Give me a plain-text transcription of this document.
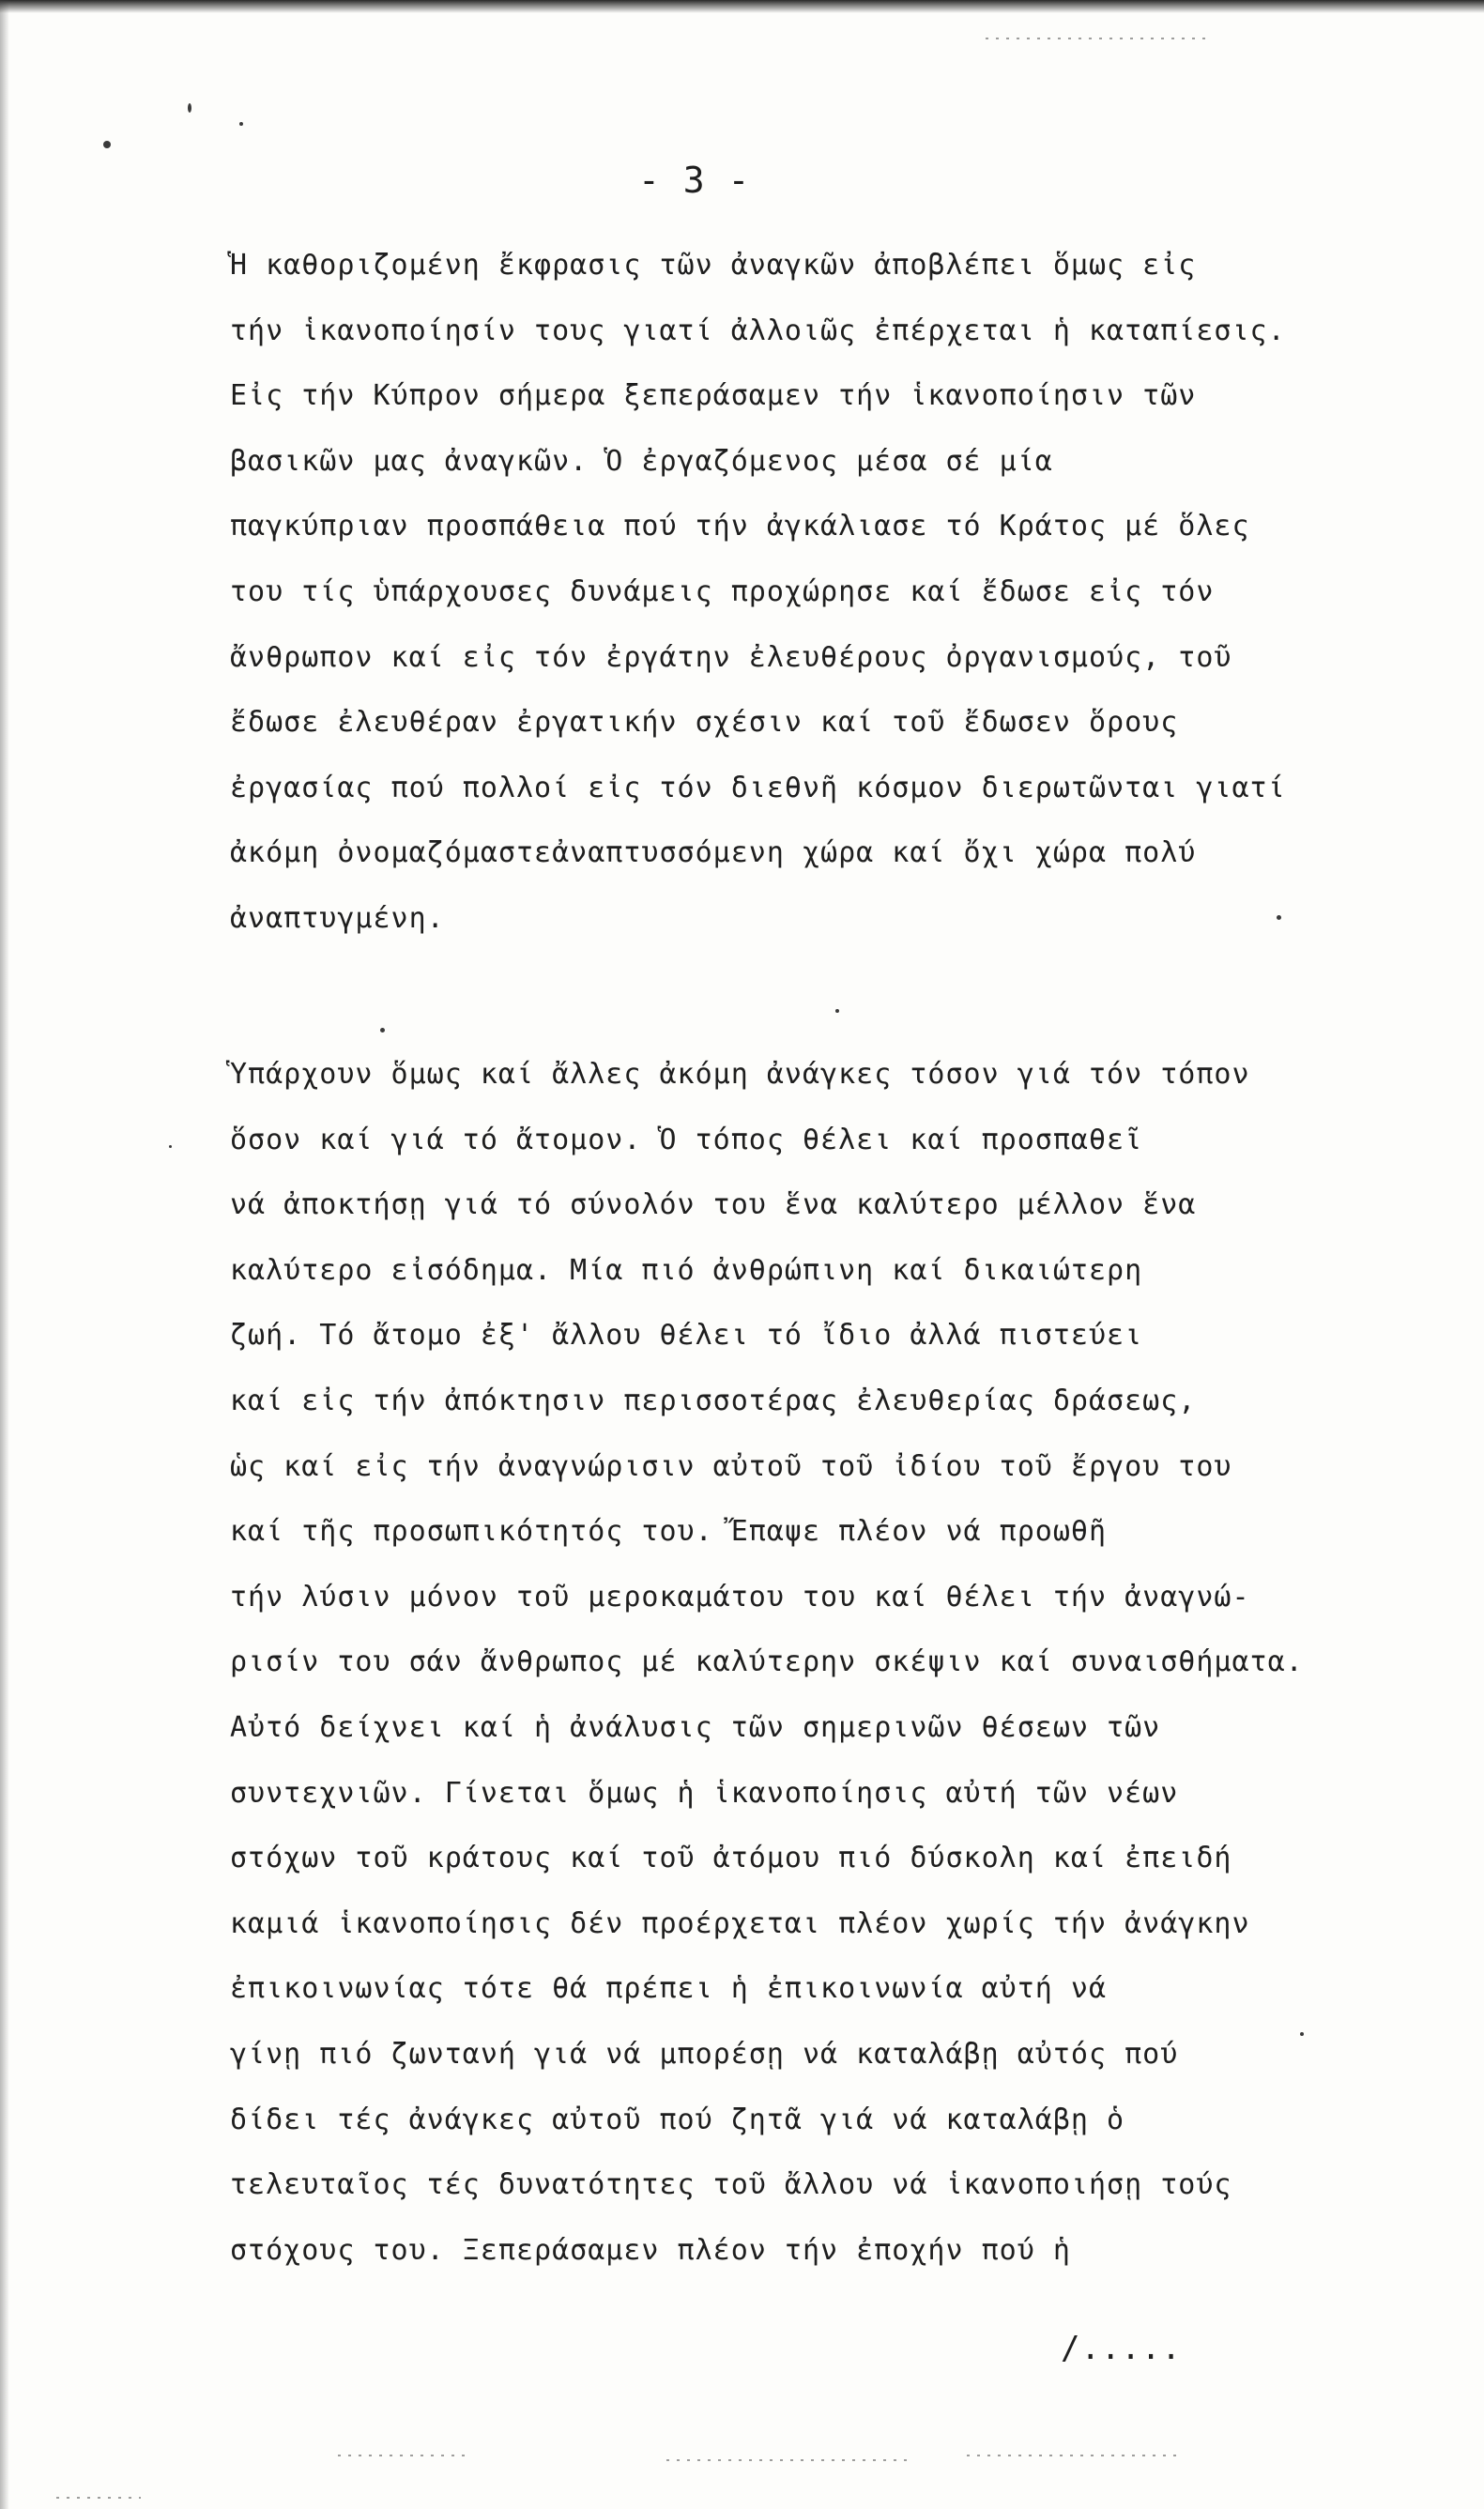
- 3 -
Ἡ καθοριζομένη ἔκφρασις τῶν ἀναγκῶν ἀποβλέπει ὅμως εἰς
τήν ἱκανοποίησίν τους γιατί ἀλλοιῶς ἐπέρχεται ἡ καταπίεσις.
Εἰς τήν Κύπρον σήμερα ξεπεράσαμεν τήν ἱκανοποίησιν τῶν
βασικῶν μας ἀναγκῶν. Ὁ ἐργαζόμενος μέσα σέ μία
παγκύπριαν προσπάθεια πού τήν ἀγκάλιασε τό Κράτος μέ ὅλες
του τίς ὑπάρχουσες δυνάμεις προχώρησε καί ἔδωσε εἰς τόν
ἄνθρωπον καί εἰς τόν ἐργάτην ἐλευθέρους ὀργανισμούς, τοῦ
ἔδωσε ἐλευθέραν ἐργατικήν σχέσιν καί τοῦ ἔδωσεν ὅρους
ἐργασίας πού πολλοί εἰς τόν διεθνῆ κόσμον διερωτῶνται γιατί
ἀκόμη ὀνομαζόμαστεἀναπτυσσόμενη χώρα καί ὄχι χώρα πολύ
ἀναπτυγμένη.
Ὑπάρχουν ὅμως καί ἄλλες ἀκόμη ἀνάγκες τόσον γιά τόν τόπον
ὅσον καί γιά τό ἄτομον. Ὁ τόπος θέλει καί προσπαθεῖ
νά ἀποκτήσῃ γιά τό σύνολόν του ἕνα καλύτερο μέλλον ἕνα
καλύτερο εἰσόδημα. Μία πιό ἀνθρώπινη καί δικαιώτερη
ζωή. Τό ἄτομο ἐξ' ἄλλου θέλει τό ἴδιο ἀλλά πιστεύει
καί εἰς τήν ἀπόκτησιν περισσοτέρας ἐλευθερίας δράσεως,
ὡς καί εἰς τήν ἀναγνώρισιν αὐτοῦ τοῦ ἰδίου τοῦ ἔργου του
καί τῆς προσωπικότητός του. Ἔπαψε πλέον νά προωθῆ
τήν λύσιν μόνον τοῦ μεροκαμάτου του καί θέλει τήν ἀναγνώ-
ρισίν του σάν ἄνθρωπος μέ καλύτερην σκέψιν καί συναισθήματα.
Αὐτό δείχνει καί ἡ ἀνάλυσις τῶν σημερινῶν θέσεων τῶν
συντεχνιῶν. Γίνεται ὅμως ἡ ἱκανοποίησις αὐτή τῶν νέων
στόχων τοῦ κράτους καί τοῦ ἀτόμου πιό δύσκολη καί ἐπειδή
καμιά ἱκανοποίησις δέν προέρχεται πλέον χωρίς τήν ἀνάγκην
ἐπικοινωνίας τότε θά πρέπει ἡ ἐπικοινωνία αὐτή νά
γίνῃ πιό ζωντανή γιά νά μπορέσῃ νά καταλάβῃ αὐτός πού
δίδει τές ἀνάγκες αὐτοῦ πού ζητᾶ γιά νά καταλάβῃ ὁ
τελευταῖος τές δυνατότητες τοῦ ἄλλου νά ἱκανοποιήσῃ τούς
στόχους του. Ξεπεράσαμεν πλέον τήν ἐποχήν πού ἡ
/.....
